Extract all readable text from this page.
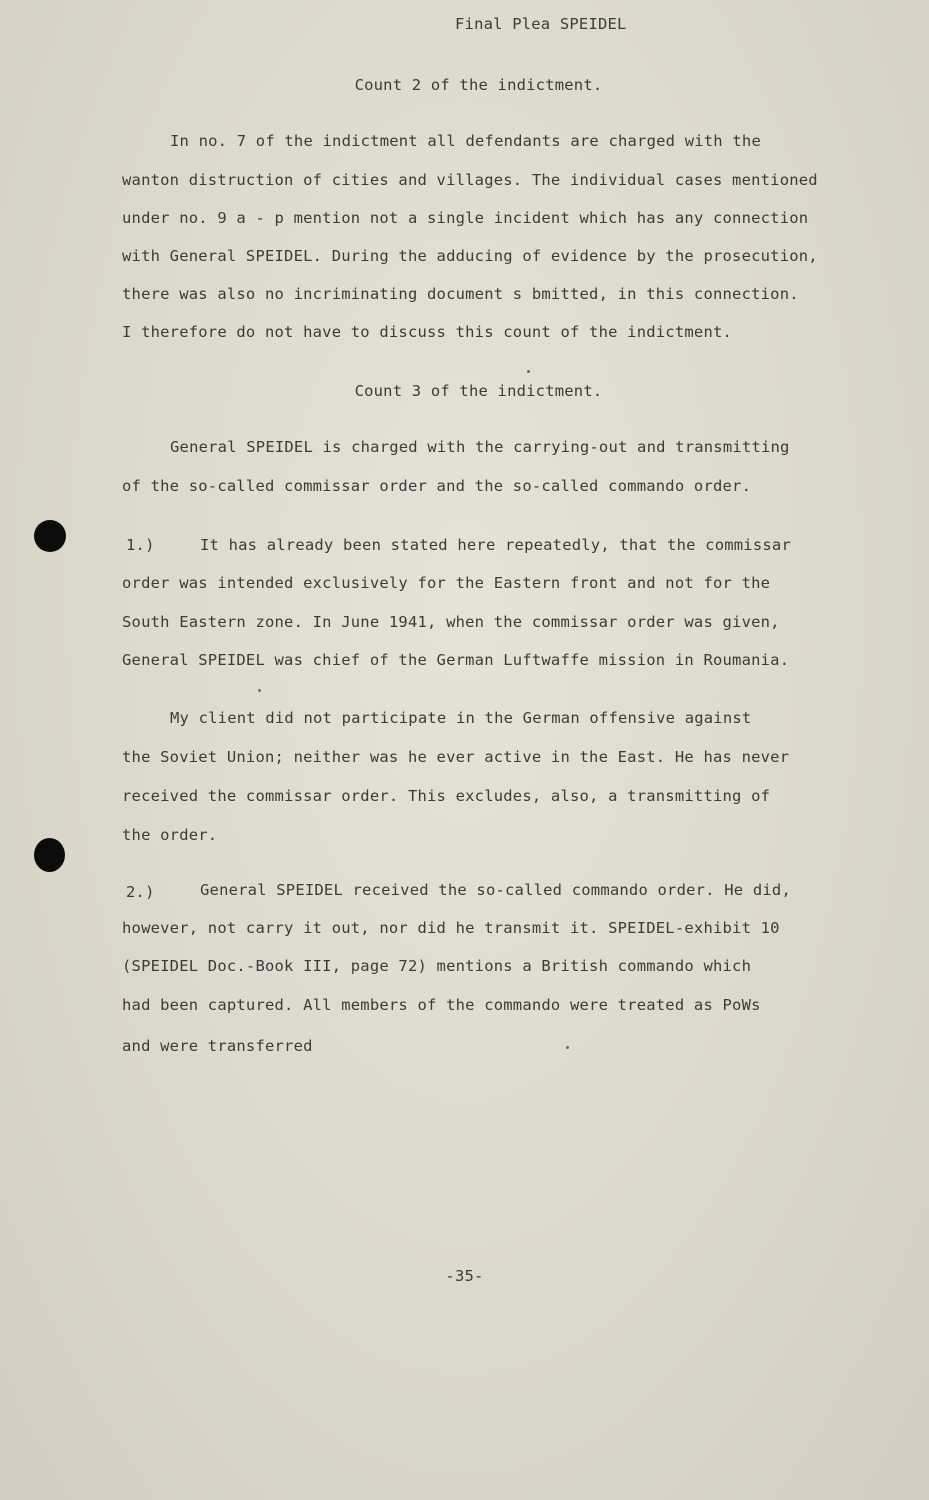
Final Plea SPEIDEL
Count 2 of the indictment.
In no. 7 of the indictment all defendants are charged with the
wanton distruction of cities and villages. The individual cases mentioned
under no. 9 a - p mention not a single incident which has any connection
with General SPEIDEL. During the adducing of evidence by the prosecution,
there was also no incriminating document s bmitted, in this connection.
I therefore do not have to discuss this count of the indictment.
Count 3 of the indictment.
General SPEIDEL is charged with the carrying-out and transmitting
of the so-called commissar order and the so-called commando order.
1.)	It has already been stated here repeatedly, that the commissar
order was intended exclusively for the Eastern front and not for the
South Eastern zone. In June 1941, when the commissar order was given,
General SPEIDEL was chief of the German Luftwaffe mission in Roumania.
My client did not participate in the German offensive against
the Soviet Union; neither was he ever active in the East. He has never
received the commissar order. This excludes, also, a transmitting of
the order.
2.)	General SPEIDEL received the so-called commando order. He did,
however, not carry it out, nor did he transmit it. SPEIDEL-exhibit 10
(SPEIDEL Doc.-Book III, page 72) mentions a British commando which
had been captured. All members of the commando were treated as PoWs
and were transferred
-35-
